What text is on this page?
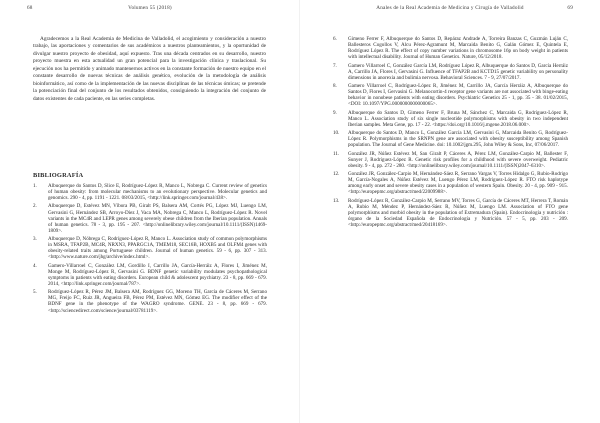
68	Volumen 55 (2018)

Agradecemos a la Real Academia de Medicina de Valladolid, el acogimiento y consideración a nuestro trabajo, las aportaciones y comentarios de sus académicos a nuestros planteamientos, y la oportunidad de divulgar nuestro proyecto de obesidad, aquí expuesto. Tras una década centrados en su desarrollo, nuestro proyecto muestra en esta actualidad un gran potencial para la investigación clínica y traslacional. Su ejecución nos ha permitido y animado mantenernos activos en la constante formación de nuestro equipo en el constante desarrollo de nuevas técnicas de análisis genético, evolución de la metodología de análisis bioinformático, así como de la implementación de las nuevas disciplinas de las técnicas ómicas; se pretende la potenciación final del conjunto de los resultados obtenidos, consiguiendo la integración del conjunto de datos existentes de cada paciente, en las series completas.

BIBLIOGRAFÍA
1. Albuquerque do Santos D, Slice E, Rodríguez-López R, Manco L, Nobrega C. Current review of genetics of human obesity: from molecular mechanisms to an evolutionary perspective. Molecular genetics and genomics. 290 - 4, pp. 1191 - 1221. 08/03/2015, <http://link.springer.com/journal/438>.
2. Albuquerque D, Estévez MN, Víbora PB, Giralt PS, Balsera AM, Cortés PG, López MJ, Luengo LM, Gervasini G, Hernández SB, Arroyo-Díez J, Vaca MA, Nobrega C, Manco L, Rodríguez-López R. Novel variants in the MC4R and LEPR genes among severely obese children from the Iberian population. Annals of human genetics. 78 - 3, pp. 195 - 207. <http://onlinelibrary.wiley.com/journal/10.1111/(ISSN)1469-1809>.
3. Albuquerque D, Nóbrega C, Rodríguez-López R, Manco L. Association study of common polymorphisms in MSRA, TFAP2B, MC4R, NRXN3, PPARGC1A, TMEM18, SEC16B, HOXB5 and OLFM4 genes with obesity-related traits among Portuguese children. Journal of human genetics. 59 - 6, pp. 307 - 313. <http://www.nature.com/jhg/archive/index.html>.
4. Gamero-Villarroel C, González LM, Gordillo I, Carrillo JA, García-Herráiz A, Flores I, Jiménez M, Monge M, Rodríguez-López R, Gervasini G. BDNF genetic variability modulates psychopathological symptoms in patients with eating disorders. European child & adolescent psychiatry. 23 - 8, pp. 669 - 679. 2014, <http://link.springer.com/journal/787>.
5. Rodríguez-López R, Pérez JM, Balsera AM, Rodríguez GG, Moreno TH, García de Cáceres M, Serrano MG, Freijo FC, Ruiz JR, Angueira FB, Pérez PM, Estévez MN, Gómez EG. The modifier effect of the BDNF gene in the phenotype of the WAGRO syndrome. GENE. 23 - 8, pp. 669 - 679. <http://sciencedirect.com/science/journal/03781119>.
Anales de la Real Academia de Medicina y Cirugía de Valladolid	69
6. Gimeno Ferrer F, Albuquerque do Santos D, Repáraz Andrade A, Torreira Banzas C, Guzmán Luján C, Ballesteros Cogollos V, Alcu Pérez-Agramunt M, Marcaida Benito G, Galán Gómez E, Quintela E, Rodríguez López R. The effect of copy number variations in chromosome 16p on body weight in patients with intellectual disability. Journal of Human Genetics. Nature, 05/12/2018.
7. Gamero Villarroel C, González García LM, Rodríguez López R, Albuquerque do Santos D, García Herráiz A, Carrillo JA, Flores I, Gervasini G. Influence of TFAP2B and KCTD15 genetic variability on personality dimensions in anorexia and bulimia nervosa. Behavioral Sciences. 7 - 9, 27/07/2017.
8. Gamero Villarroel C, Rodríguez-López R, Jiménez M, Carrillo JA, García Herráiz A, Albuquerque do Santos D, Flores I, Gervasini G. Melanocortin-4 receptor gene variants are not associated with binge-eating behavior in nonobese patients with eating disorders. Psychiatric Genetics 25 - 1, pp. 35 - 38. 01/02/2015, <DOI: 10.1097/YPG.0000000000000065>.
9. Albuquerque do Santos D, Gimeno Ferrer F, Bruna M, Sánchez C, Marcaida G, Rodríguez-López R, Manco L. Association study of six single nucleotide polymorphisms with obesity in two independent Iberian samples. Meta Gene, pp. 17 - 22. <https://doi.org/10.1016/j.mgene.2018.06.000>.
10. Albuquerque do Santos D, Manco L, González García LM, Gervasini G, Marcaida Benito G, Rodríguez-López R. Polymorphisms in the SRNPN gene are associated with obesity susceptibility among Spanish population. The Journal of Gene Medicine. doi: 10.1002/jgm.295, John Wiley & Sons, Inc, 07/06/2017.
11. González JR, Núñez Estévez M, San Giralt P, Cáceres A, Pérez LM, González-Carpio M, Ballester F, Sunyer J, Rodríguez-López R. Genetic risk profiles for a childhood with severe overweight. Pediatric obesity. 9 - 4, pp. 272 - 280. <http://onlinelibrary.wiley.com/journal/10.1111/(ISSN)2047-6310>.
12. González JR, González-Carpio M, Hernández-Sáez R, Serrano Vargas V, Torres Hidalgo G, Rubio-Rodrigo M, García-Nogales A, Núñez Estévez M, Luengo Pérez LM, Rodríguez-López R. FTO risk haplotype among early onset and severe obesity cases in a population of western Spain. Obesity. 20 - 4, pp. 909 - 915. <http://europepmc.org/abstract/med/22009988>.
13. Rodríguez-López R, González-Carpio M, Serrano MV, Torres G, García de Cáceres MT, Herrera T, Román A, Rubio M, Méndez P, Hernández-Sáez R, Núñez M, Luengo LM. Association of FTO gene polymorphisms and morbid obesity in the population of Extremadura (Spain). Endocrinología y nutrición : órgano de la Sociedad Española de Endocrinología y Nutrición. 57 - 5, pp. 203 - 209. <http://europepmc.org/abstract/med/20418169>.
